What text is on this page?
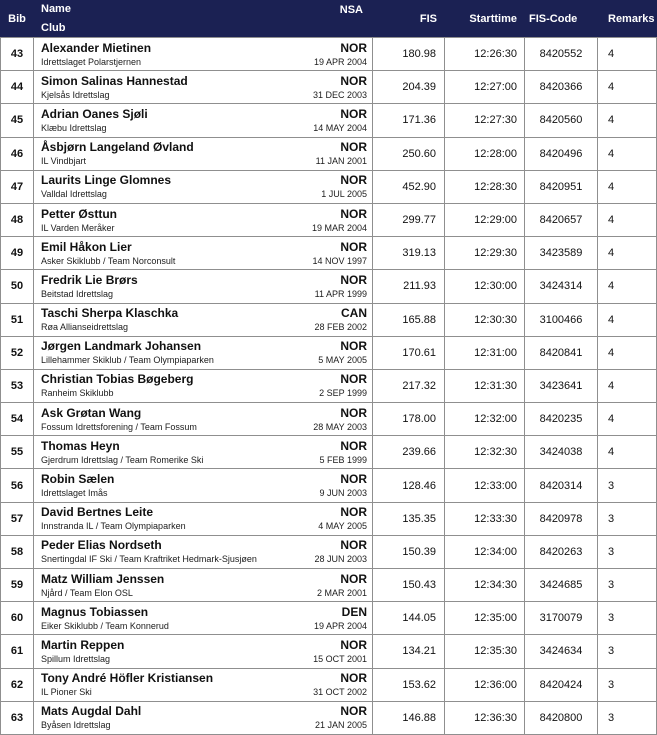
Bib
Name
Club
NSA
FIS	Starttime	FIS-Code	Remarks
43	Alexander Mietinen	NOR
Idrettslaget Polarstjernen	19 APR 2004
180.98	12:26:30	8420552	4
44	Simon Salinas Hannestad	NOR
Kjelsås Idrettslag	31 DEC 2003
204.39	12:27:00	8420366	4
45	Adrian Oanes Sjøli	NOR
Klæbu Idrettslag	14 MAY 2004
171.36	12:27:30	8420560	4
46	Åsbjørn Langeland Øvland	NOR
IL Vindbjart	11 JAN 2001
250.60	12:28:00	8420496	4
47	Laurits Linge Glomnes	NOR
Valldal Idrettslag	1 JUL 2005
452.90	12:28:30	8420951	4
48	Petter Østtun	NOR
IL Varden Meråker	19 MAR 2004
299.77	12:29:00	8420657	4
49	Emil Håkon Lier	NOR
Asker Skiklubb / Team Norconsult	14 NOV 1997
319.13	12:29:30	3423589	4
50	Fredrik Lie Brørs	NOR
Beitstad Idrettslag	11 APR 1999
211.93	12:30:00	3424314	4
51	Taschi Sherpa Klaschka	CAN
Røa Allianseidrettslag	28 FEB 2002
165.88	12:30:30	3100466	4
52	Jørgen Landmark Johansen	NOR
Lillehammer Skiklub / Team Olympiaparken	5 MAY 2005
170.61	12:31:00	8420841	4
53	Christian Tobias Bøgeberg	NOR
Ranheim Skiklubb	2 SEP 1999
217.32	12:31:30	3423641	4
54	Ask Grøtan Wang	NOR
Fossum Idrettsforening / Team Fossum	28 MAY 2003
178.00	12:32:00	8420235	4
55	Thomas Heyn	NOR
Gjerdrum Idrettslag / Team Romerike Ski	5 FEB 1999
239.66	12:32:30	3424038	4
56	Robin Sælen	NOR
Idrettslaget Imås	9 JUN 2003
128.46	12:33:00	8420314	3
57	David Bertnes Leite	NOR
Innstranda IL / Team Olympiaparken	4 MAY 2005
135.35	12:33:30	8420978	3
58	Peder Elias Nordseth	NOR
Snertingdal IF Ski / Team Kraftriket Hedmark-Sjusjøen	28 JUN 2003
150.39	12:34:00	8420263	3
59	Matz William Jenssen	NOR
Njård / Team Elon OSL	2 MAR 2001
150.43	12:34:30	3424685	3
60	Magnus Tobiassen	DEN
Eiker Skiklubb / Team Konnerud	19 APR 2004
144.05	12:35:00	3170079	3
61	Martin Reppen	NOR
Spillum Idrettslag	15 OCT 2001
134.21	12:35:30	3424634	3
62	Tony André Höfler Kristiansen	NOR
IL Pioner Ski	31 OCT 2002
153.62	12:36:00	8420424	3
63	Mats Augdal Dahl	NOR
Byåsen Idrettslag	21 JAN 2005
146.88	12:36:30	8420800	3
